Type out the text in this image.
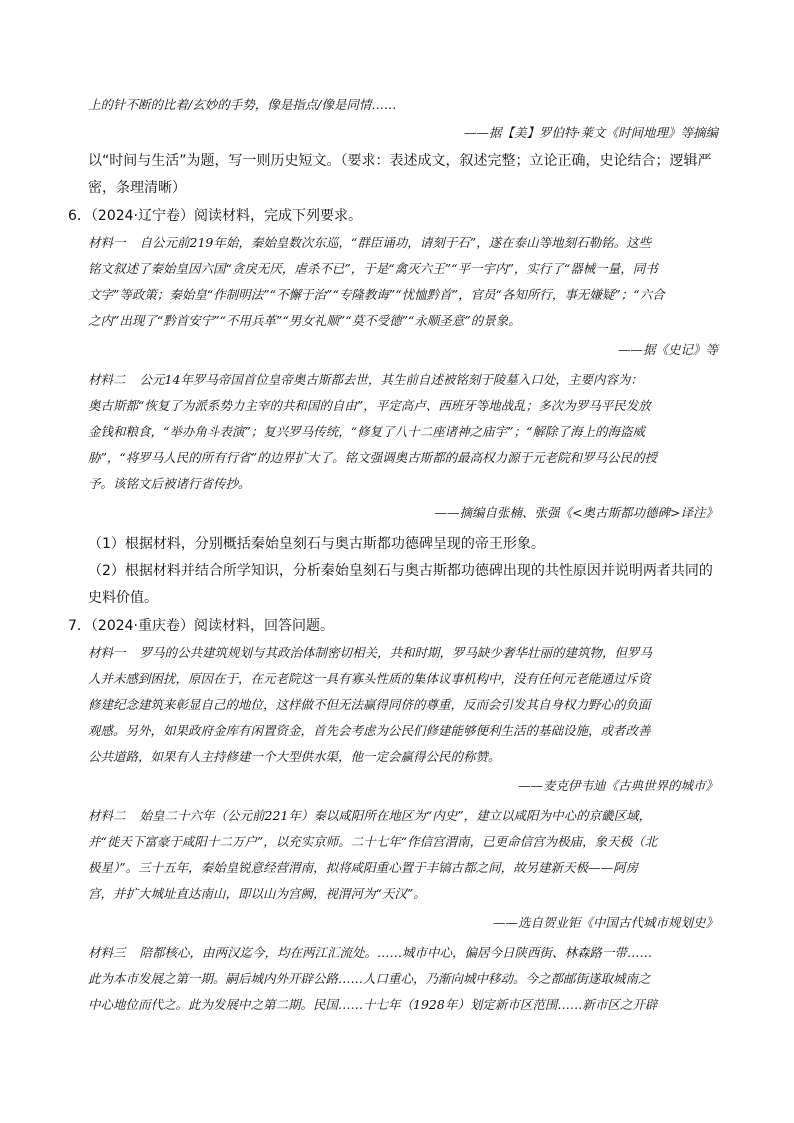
上的针不断的比着/玄妙的手势，像是指点/像是同情……
——据【美】罗伯特·莱文《时间地理》等摘编
以“时间与生活”为题，写一则历史短文。（要求：表述成文，叙述完整；立论正确，史论结合；逻辑严
密，条理清晰）
6．（2024·辽宁卷）阅读材料，完成下列要求。
材料一 自公元前219年始，秦始皇数次东巡，“群臣诵功，请刻于石”，遂在泰山等地刻石勒铭。这些
铭文叙述了秦始皇因六国“贪戾无厌，虐杀不已”，于是“禽灭六王”“平一宇内”，实行了“器械一量，同书
文字”等政策；秦始皇“作制明法”“不懈于治”“专隆教诲”“忧恤黔首”，官员“各知所行，事无嫌疑”；“六合
之内”出现了“黔首安宁”“不用兵革”“男女礼顺”“莫不受德”“永顺圣意”的景象。
——据《史记》等
材料二 公元14年罗马帝国首位皇帝奥古斯都去世，其生前自述被铭刻于陵墓入口处，主要内容为：
奥古斯都“恢复了为派系势力主宰的共和国的自由”，平定高卢、西班牙等地战乱；多次为罗马平民发放
金钱和粮食，“举办角斗表演”；复兴罗马传统，“修复了八十二座诸神之庙宇”；“解除了海上的海盗威
胁”，“将罗马人民的所有行省”的边界扩大了。铭文强调奥古斯都的最高权力源于元老院和罗马公民的授
予。该铭文后被诸行省传抄。
——摘编自张楠、张强《<奥古斯都功德碑>译注》
（1）根据材料，分别概括秦始皇刻石与奥古斯都功德碑呈现的帝王形象。
（2）根据材料并结合所学知识，分析秦始皇刻石与奥古斯都功德碑出现的共性原因并说明两者共同的
史料价值。
7．（2024·重庆卷）阅读材料，回答问题。
材料一 罗马的公共建筑规划与其政治体制密切相关，共和时期，罗马缺少奢华壮丽的建筑物，但罗马
人并未感到困扰，原因在于，在元老院这一具有寡头性质的集体议事机构中，没有任何元老能通过斥资
修建纪念建筑来彰显自己的地位，这样做不但无法赢得同侪的尊重，反而会引发其自身权力野心的负面
观感。另外，如果政府金库有闲置资金，首先会考虑为公民们修建能够便利生活的基础设施，或者改善
公共道路，如果有人主持修建一个大型供水渠，他一定会赢得公民的称赞。
——麦克伊韦迪《古典世界的城市》
材料二 始皇二十六年（公元前221年）秦以咸阳所在地区为“内史”，建立以咸阳为中心的京畿区域，
并“徙天下富豪于咸阳十二万户”，以充实京师。二十七年“作信宫渭南，已更命信宫为极庙，象天极（北
极星）”。三十五年，秦始皇锐意经营渭南，拟将咸阳重心置于丰镐古都之间，故另建新天极——阿房
宫，并扩大城址直达南山，即以山为宫阙，视渭河为“天汉”。
——选自贺业钜《中国古代城市规划史》
材料三 陪都核心，由两汉迄今，均在两江汇流处。……城市中心，偏居今日陕西街、林森路一带……
此为本市发展之第一期。嗣后城内外开辟公路……人口重心，乃渐向城中移动。今之都邮街遂取城南之
中心地位而代之。此为发展中之第二期。民国……十七年（1928年）划定新市区范围……新市区之开辟
